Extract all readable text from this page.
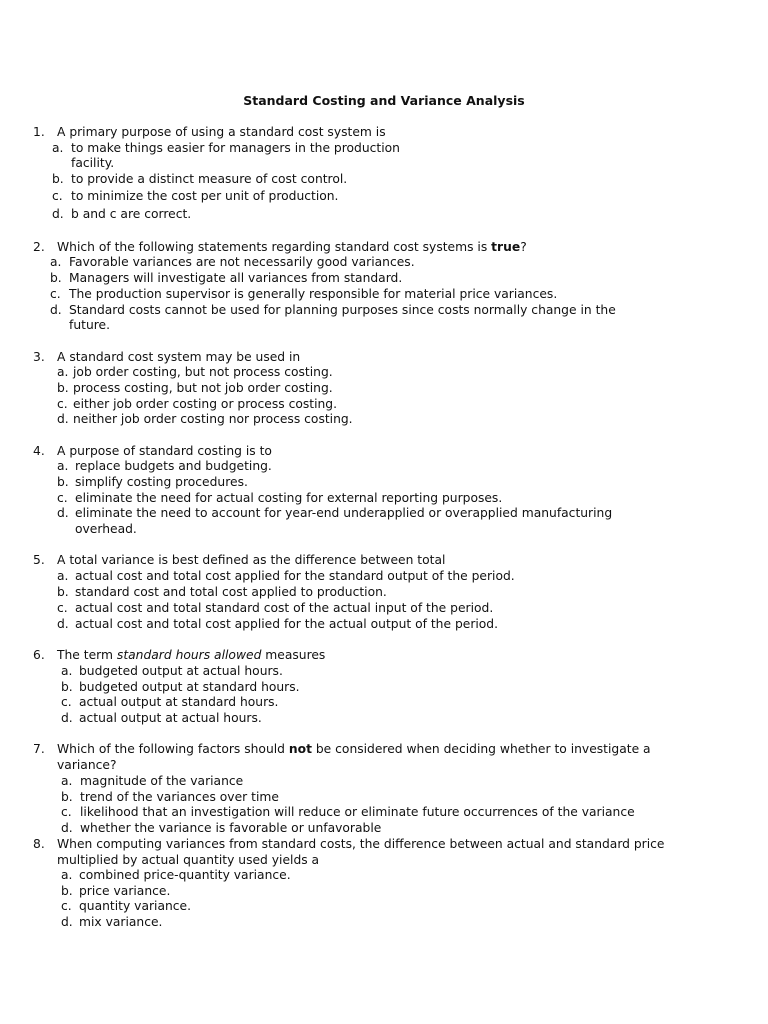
Standard Costing and Variance Analysis
1. A primary purpose of using a standard cost system is
a. to make things easier for managers in the production
facility.
b. to provide a distinct measure of cost control.
c. to minimize the cost per unit of production.
d. b and c are correct.
2. Which of the following statements regarding standard cost systems is true?
a. Favorable variances are not necessarily good variances.
b. Managers will investigate all variances from standard.
c. The production supervisor is generally responsible for material price variances.
d. Standard costs cannot be used for planning purposes since costs normally change in the
future.
3. A standard cost system may be used in
a. job order costing, but not process costing.
b. process costing, but not job order costing.
c. either job order costing or process costing.
d. neither job order costing nor process costing.
4. A purpose of standard costing is to
a. replace budgets and budgeting.
b. simplify costing procedures.
c. eliminate the need for actual costing for external reporting purposes.
d. eliminate the need to account for year-end underapplied or overapplied manufacturing
overhead.
5. A total variance is best defined as the difference between total
a. actual cost and total cost applied for the standard output of the period.
b. standard cost and total cost applied to production.
c. actual cost and total standard cost of the actual input of the period.
d. actual cost and total cost applied for the actual output of the period.
6. The term standard hours allowed measures
a. budgeted output at actual hours.
b. budgeted output at standard hours.
c. actual output at standard hours.
d. actual output at actual hours.
7. Which of the following factors should not be considered when deciding whether to investigate a
variance?
a. magnitude of the variance
b. trend of the variances over time
c. likelihood that an investigation will reduce or eliminate future occurrences of the variance
d. whether the variance is favorable or unfavorable
8. When computing variances from standard costs, the difference between actual and standard price
multiplied by actual quantity used yields a
a. combined price-quantity variance.
b. price variance.
c. quantity variance.
d. mix variance.
